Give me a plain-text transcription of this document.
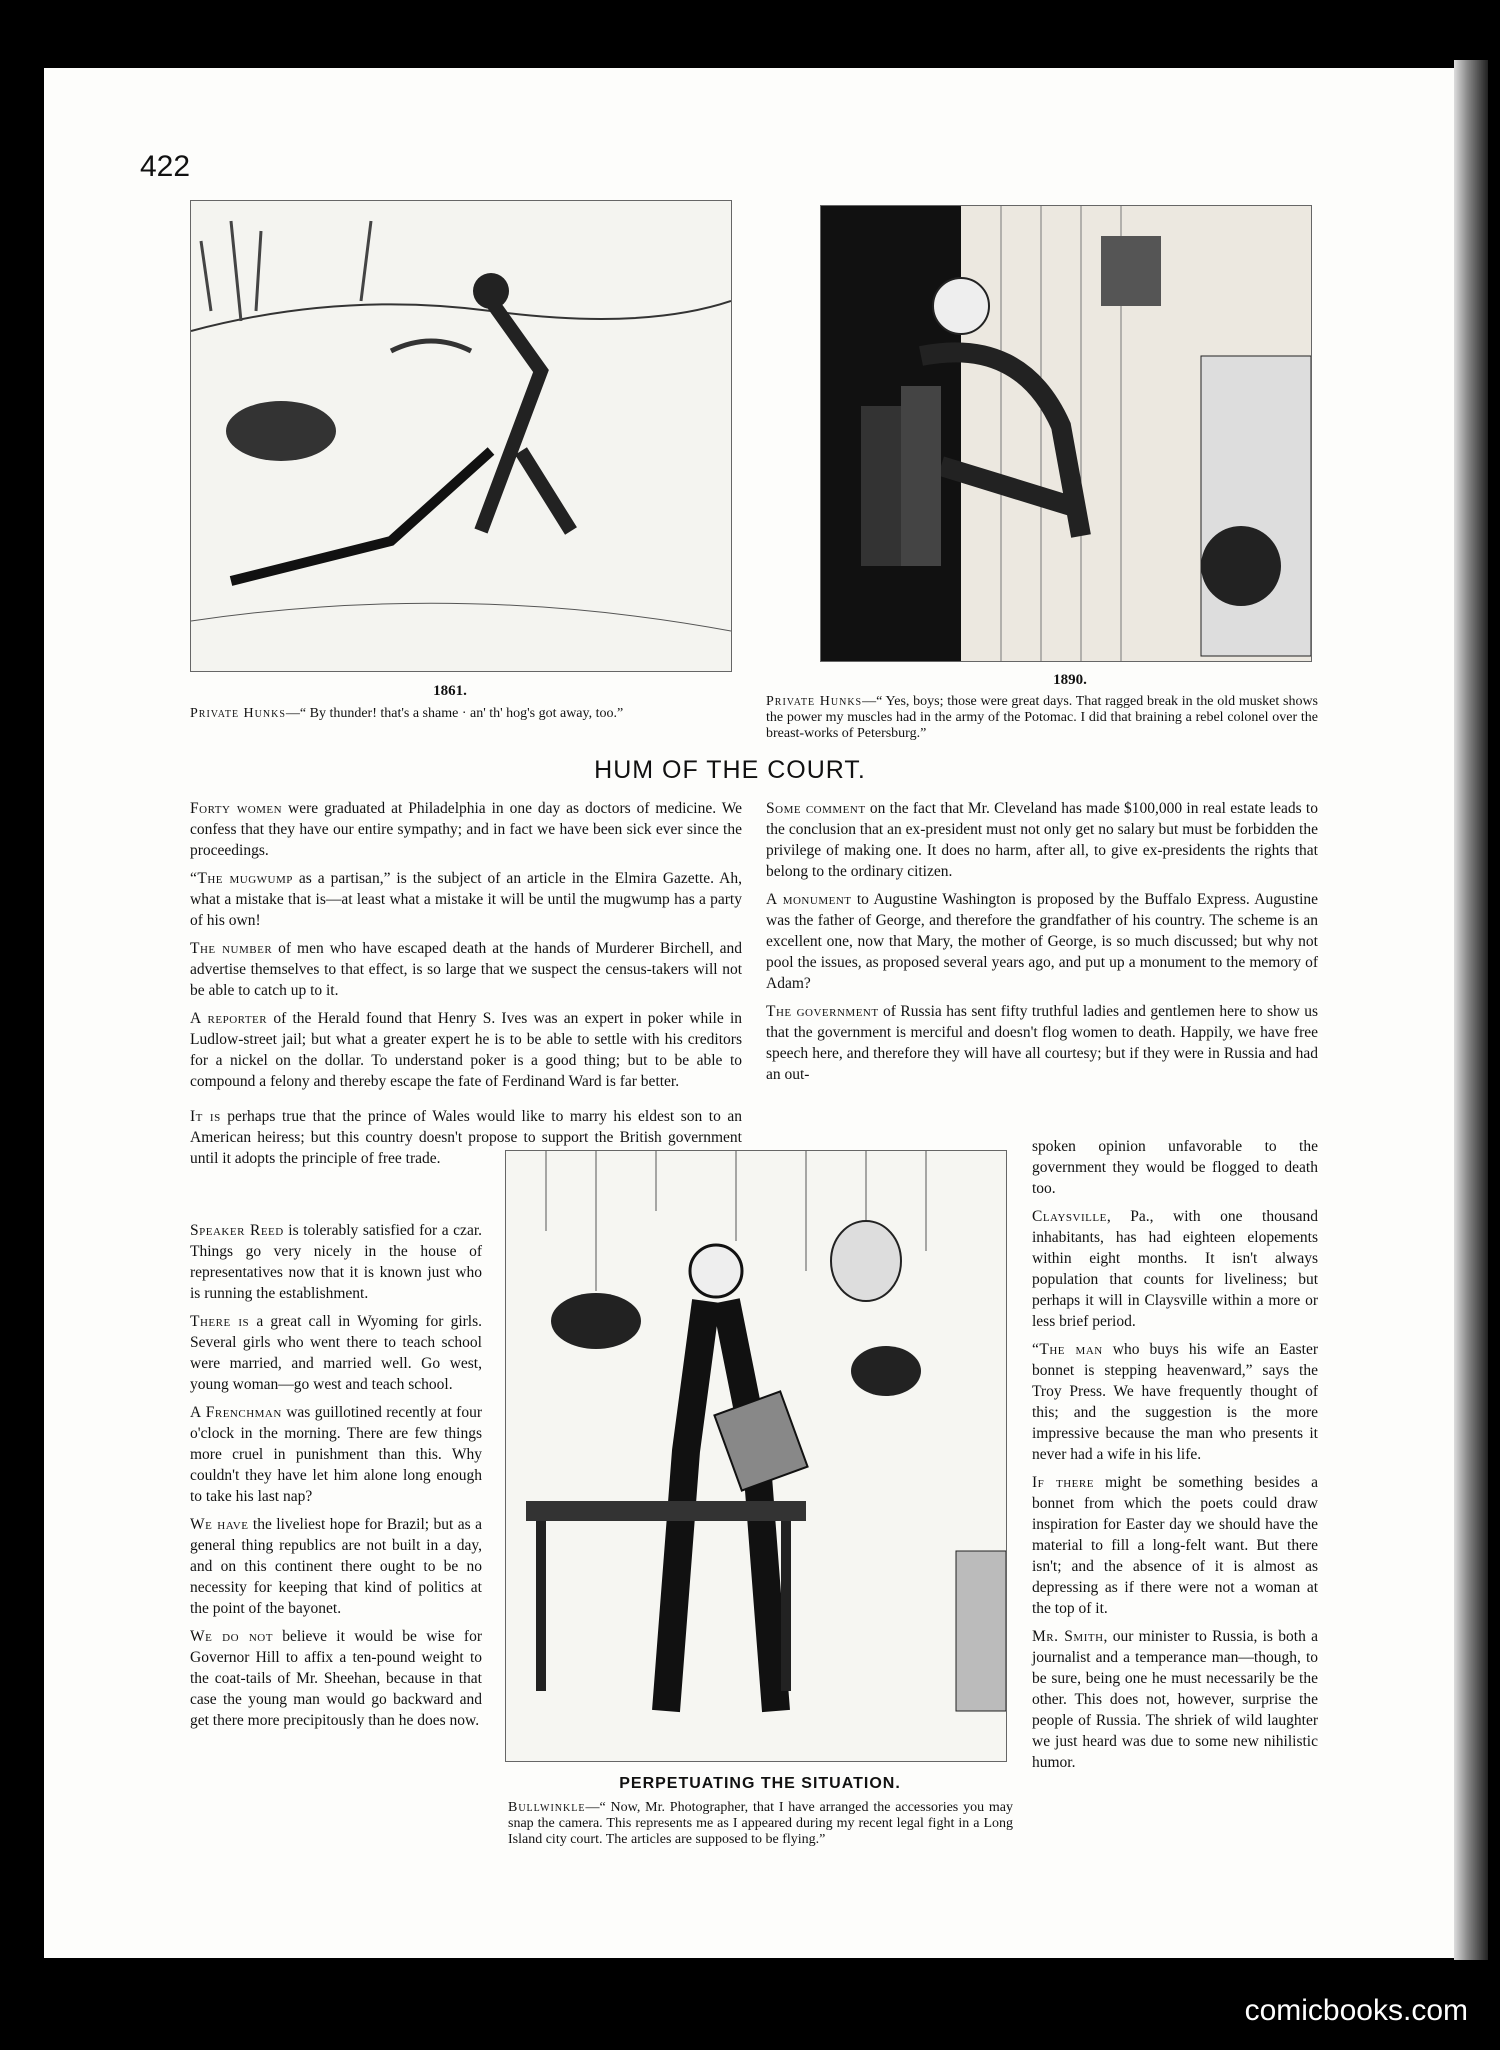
422
1861.
Private Hunks—“ By thunder! that's a shame · an' th' hog's got away, too.”
1890.
Private Hunks—“ Yes, boys; those were great days. That ragged break in the old musket shows the power my muscles had in the army of the Potomac. I did that braining a rebel colonel over the breast-works of Petersburg.”
HUM OF THE COURT.

Forty women were graduated at Philadelphia in one day as doctors of medicine. We confess that they have our entire sympathy; and in fact we have been sick ever since the proceedings.

“The mugwump as a partisan,” is the subject of an article in the Elmira Gazette. Ah, what a mistake that is—at least what a mistake it will be until the mugwump has a party of his own!

The number of men who have escaped death at the hands of Murderer Birchell, and advertise themselves to that effect, is so large that we suspect the census-takers will not be able to catch up to it.

A reporter of the Herald found that Henry S. Ives was an expert in poker while in Ludlow-street jail; but what a greater expert he is to be able to settle with his creditors for a nickel on the dollar. To understand poker is a good thing; but to be able to compound a felony and thereby escape the fate of Ferdinand Ward is far better.

It is perhaps true that the prince of Wales would like to marry his eldest son to an American heiress; but this country doesn't propose to support the British government until it adopts the principle of free trade.

Speaker Reed is tolerably satisfied for a czar. Things go very nicely in the house of representatives now that it is known just who is running the establishment.

There is a great call in Wyoming for girls. Several girls who went there to teach school were married, and married well. Go west, young woman—go west and teach school.

A Frenchman was guillotined recently at four o'clock in the morning. There are few things more cruel in punishment than this. Why couldn't they have let him alone long enough to take his last nap?

We have the liveliest hope for Brazil; but as a general thing republics are not built in a day, and on this continent there ought to be no necessity for keeping that kind of politics at the point of the bayonet.

We do not believe it would be wise for Governor Hill to affix a ten-pound weight to the coat-tails of Mr. Sheehan, because in that case the young man would go backward and get there more precipitously than he does now.

Some comment on the fact that Mr. Cleveland has made $100,000 in real estate leads to the conclusion that an ex-president must not only get no salary but must be forbidden the privilege of making one. It does no harm, after all, to give ex-presidents the rights that belong to the ordinary citizen.

A monument to Augustine Washington is proposed by the Buffalo Express. Augustine was the father of George, and therefore the grandfather of his country. The scheme is an excellent one, now that Mary, the mother of George, is so much discussed; but why not pool the issues, as proposed several years ago, and put up a monument to the memory of Adam?

The government of Russia has sent fifty truthful ladies and gentlemen here to show us that the government is merciful and doesn't flog women to death. Happily, we have free speech here, and therefore they will have all courtesy; but if they were in Russia and had an out-

spoken opinion unfavorable to the government they would be flogged to death too.

Claysville, Pa., with one thousand inhabitants, has had eighteen elopements within eight months. It isn't always population that counts for liveliness; but perhaps it will in Claysville within a more or less brief period.

“The man who buys his wife an Easter bonnet is stepping heavenward,” says the Troy Press. We have frequently thought of this; and the suggestion is the more impressive because the man who presents it never had a wife in his life.

If there might be something besides a bonnet from which the poets could draw inspiration for Easter day we should have the material to fill a long-felt want. But there isn't; and the absence of it is almost as depressing as if there were not a woman at the top of it.

Mr. Smith, our minister to Russia, is both a journalist and a temperance man—though, to be sure, being one he must necessarily be the other. This does not, however, surprise the people of Russia. The shriek of wild laughter we just heard was due to some new nihilistic humor.

PERPETUATING THE SITUATION.
Bullwinkle—“ Now, Mr. Photographer, that I have arranged the accessories you may snap the camera. This represents me as I appeared during my recent legal fight in a Long Island city court. The articles are supposed to be flying.”
comicbooks.com
